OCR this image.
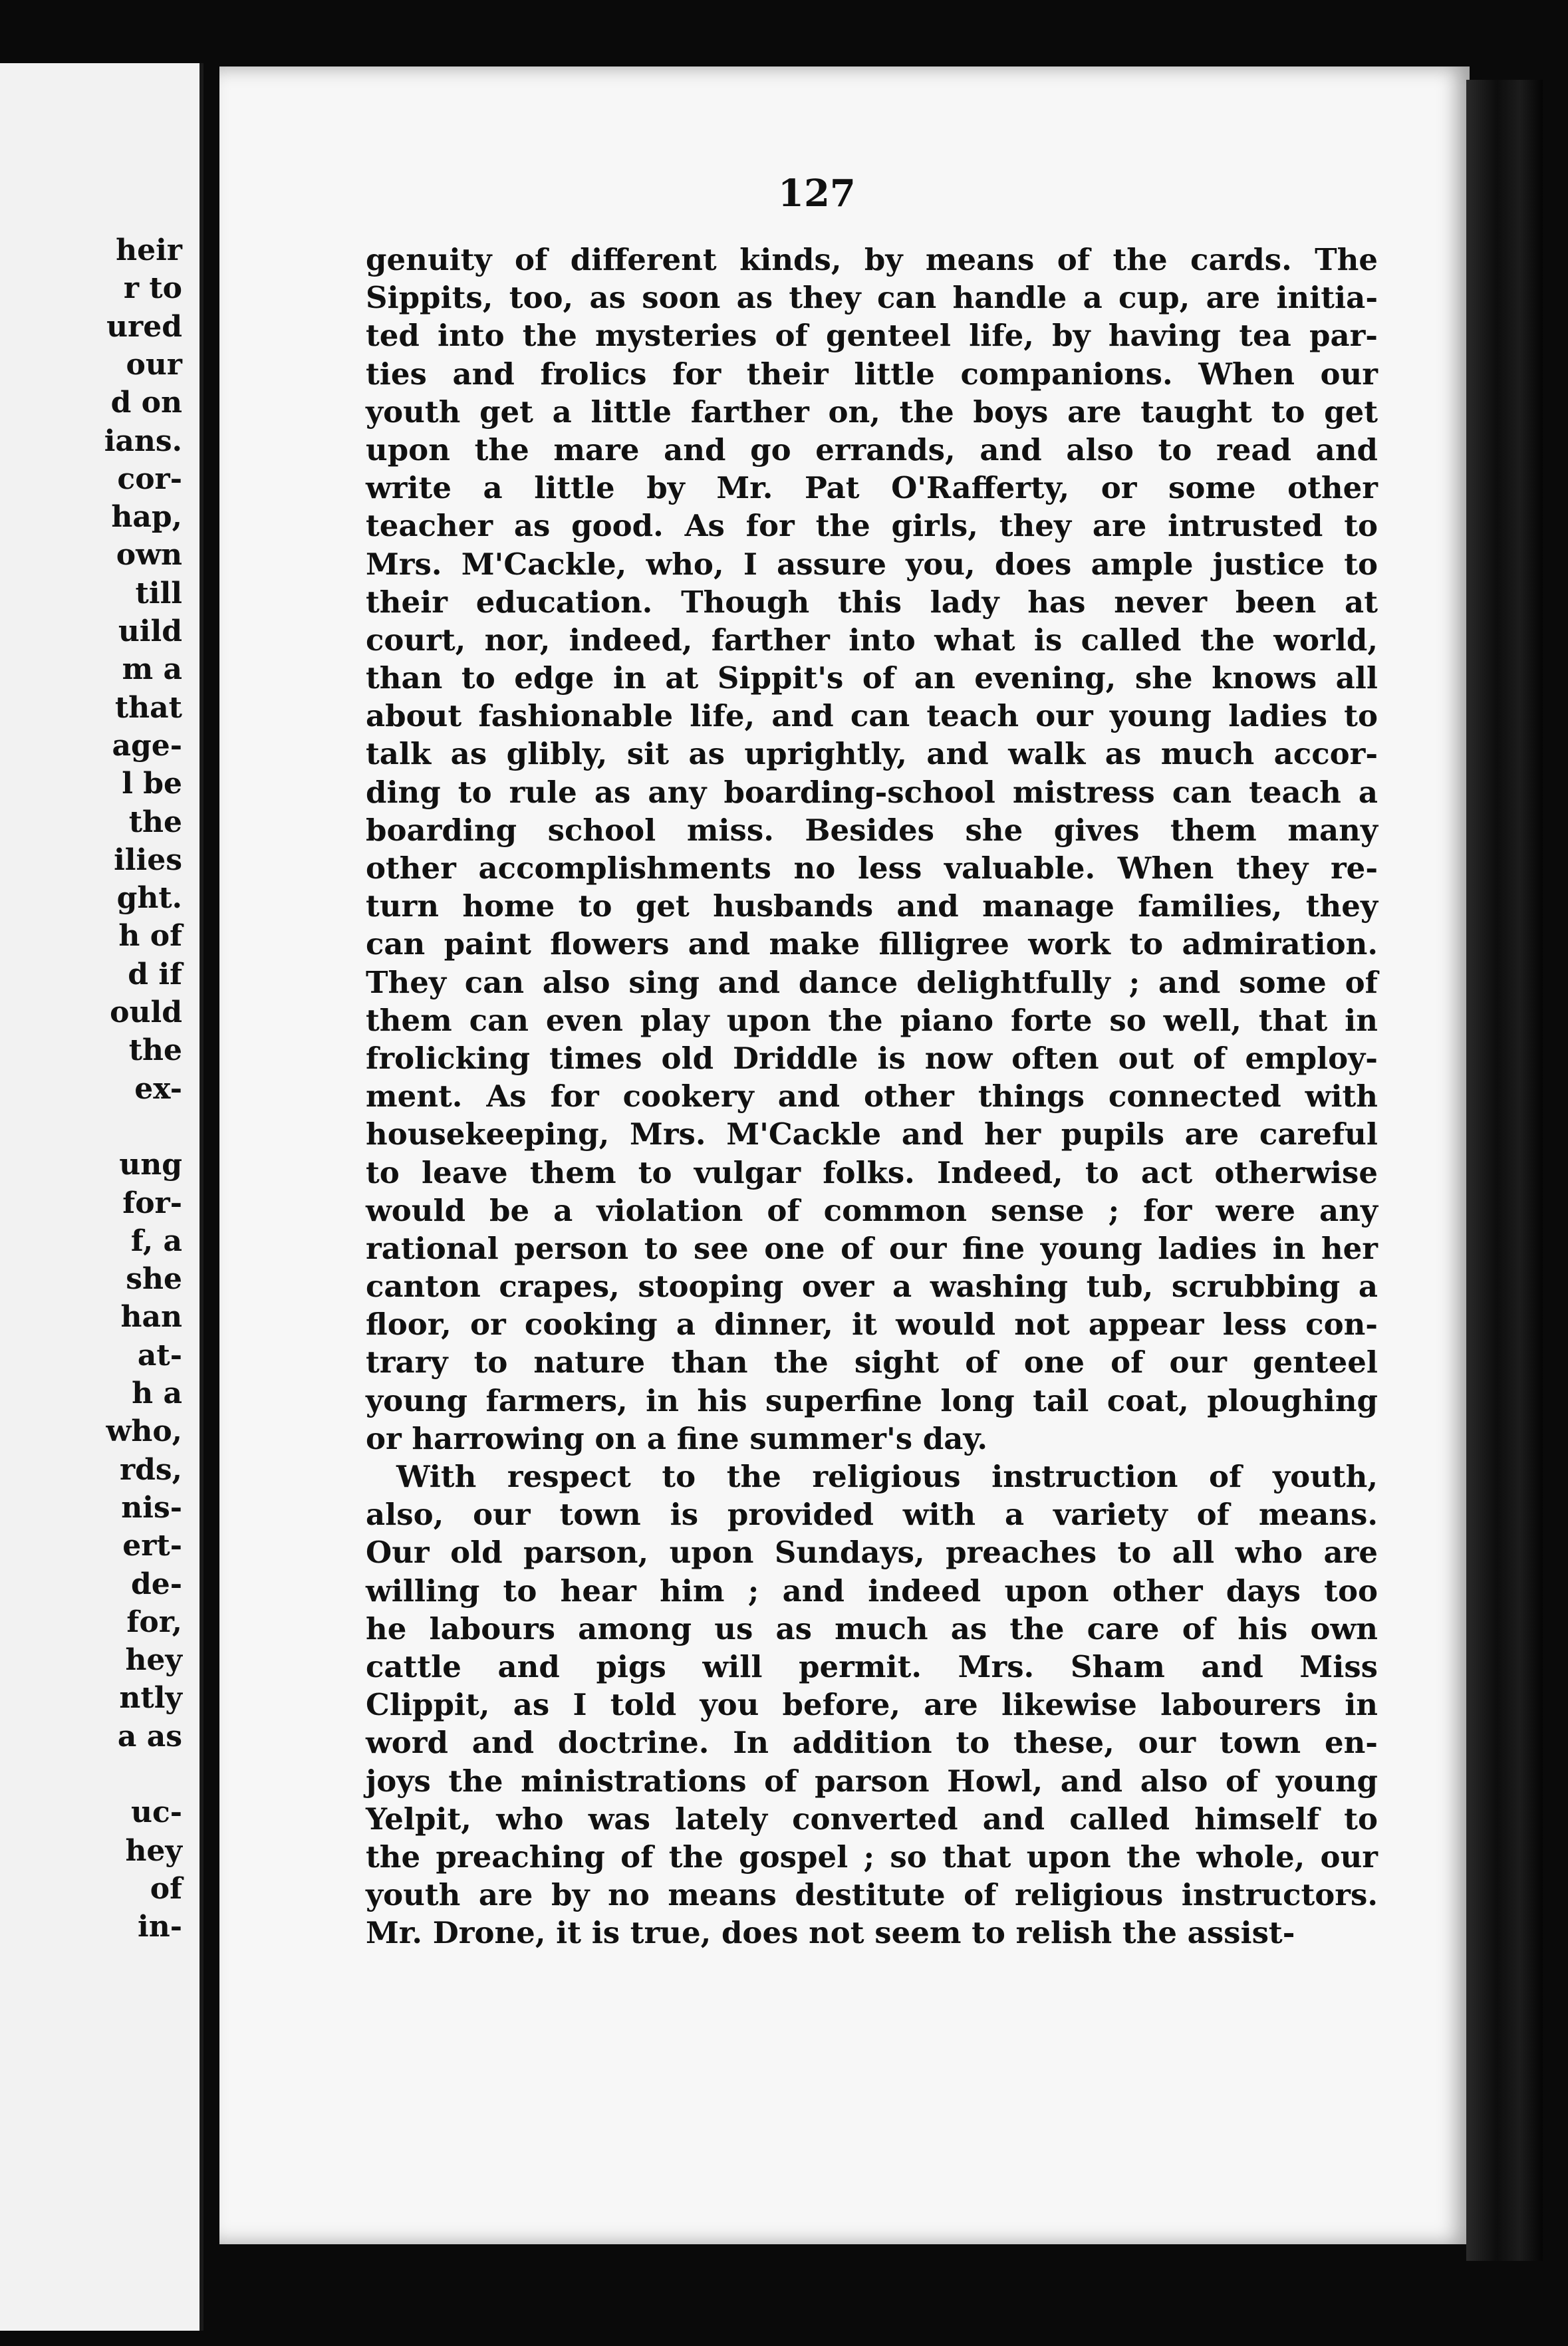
heir
r to
ured
our
d on
ians.
cor-
hap,
own
till
uild
m a
that
age-
l be
the
ilies
ght.
h of
d if
ould
the
ex-
ung
for-
f, a
she
han
at-
h a
who,
rds,
nis-
ert-
de-
for,
hey
ntly
a as
uc-
hey
of
in-
127
genuity of different kinds, by means of the cards. The
Sippits, too, as soon as they can handle a cup, are initia-
ted into the mysteries of genteel life, by having tea par-
ties and frolics for their little companions. When our
youth get a little farther on, the boys are taught to get
upon the mare and go errands, and also to read and
write a little by Mr. Pat O'Rafferty, or some other
teacher as good. As for the girls, they are intrusted to
Mrs. M'Cackle, who, I assure you, does ample justice to
their education. Though this lady has never been at
court, nor, indeed, farther into what is called the world,
than to edge in at Sippit's of an evening, she knows all
about fashionable life, and can teach our young ladies to
talk as glibly, sit as uprightly, and walk as much accor-
ding to rule as any boarding-school mistress can teach a
boarding school miss. Besides she gives them many
other accomplishments no less valuable. When they re-
turn home to get husbands and manage families, they
can paint flowers and make filligree work to admiration.
They can also sing and dance delightfully ; and some of
them can even play upon the piano forte so well, that in
frolicking times old Driddle is now often out of employ-
ment. As for cookery and other things connected with
housekeeping, Mrs. M'Cackle and her pupils are careful
to leave them to vulgar folks. Indeed, to act otherwise
would be a violation of common sense ; for were any
rational person to see one of our fine young ladies in her
canton crapes, stooping over a washing tub, scrubbing a
floor, or cooking a dinner, it would not appear less con-
trary to nature than the sight of one of our genteel
young farmers, in his superfine long tail coat, ploughing
or harrowing on a fine summer's day.
With respect to the religious instruction of youth,
also, our town is provided with a variety of means.
Our old parson, upon Sundays, preaches to all who are
willing to hear him ; and indeed upon other days too
he labours among us as much as the care of his own
cattle and pigs will permit. Mrs. Sham and Miss
Clippit, as I told you before, are likewise labourers in
word and doctrine. In addition to these, our town en-
joys the ministrations of parson Howl, and also of young
Yelpit, who was lately converted and called himself to
the preaching of the gospel ; so that upon the whole, our
youth are by no means destitute of religious instructors.
Mr. Drone, it is true, does not seem to relish the assist-
